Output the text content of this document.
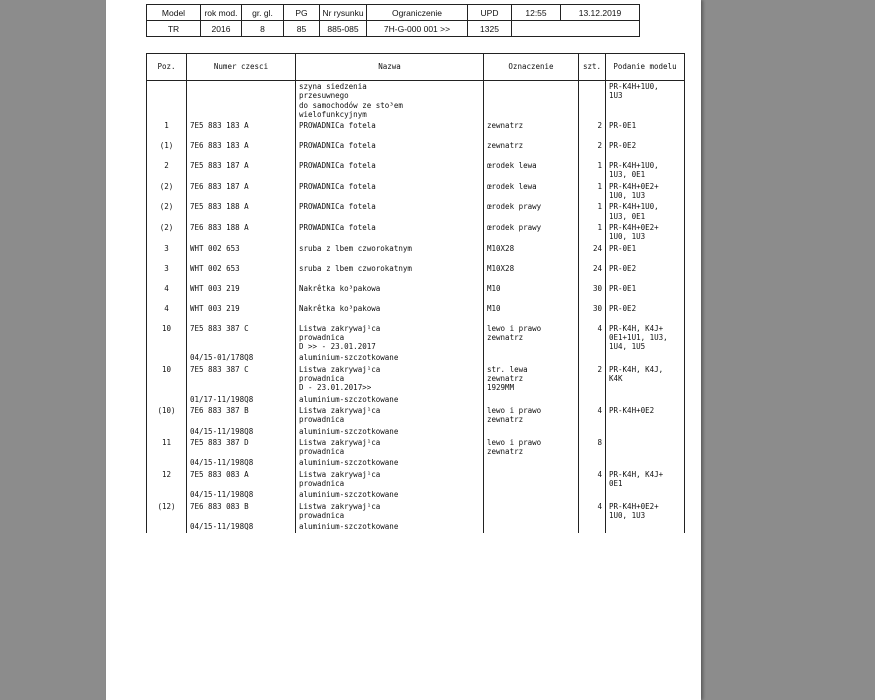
Model	rok mod.	gr. gl.	PG	Nr rysunku	Ograniczenie	UPD	12:55	13.12.2019
TR	2016	8	85	885-085	7H-G-000 001 >>	1325		
Poz.	Numer czesci	Nazwa	Oznaczenie	szt.	Podanie modelu
		szyna siedzenia
przesuwnego
do samochodów ze sto³em
wielofunkcyjnym			PR-K4H+1U0,
1U3
1	7E5 883 183 A	PROWADNICa fotela	zewnatrz	2	PR-0E1
(1)	7E6 883 183 A	PROWADNICa fotela	zewnatrz	2	PR-0E2
2	7E5 883 187 A	PROWADNICa fotela	œrodek lewa	1	PR-K4H+1U0,
1U3, 0E1
(2)	7E6 883 187 A	PROWADNICa fotela	œrodek lewa	1	PR-K4H+0E2+
1U0, 1U3
(2)	7E5 883 188 A	PROWADNICa fotela	œrodek prawy	1	PR-K4H+1U0,
1U3, 0E1
(2)	7E6 883 188 A	PROWADNICa fotela	œrodek prawy	1	PR-K4H+0E2+
1U0, 1U3
3	WHT 002 653	sruba z lbem czworokatnym	M10X28	24	PR-0E1
3	WHT 002 653	sruba z lbem czworokatnym	M10X28	24	PR-0E2
4	WHT 003 219	Nakrêtka ko³pakowa	M10	30	PR-0E1
4	WHT 003 219	Nakrêtka ko³pakowa	M10	30	PR-0E2
10	7E5 883 387 C	Listwa zakrywaj¹ca
prowadnica
D >> - 23.01.2017	lewo i prawo
zewnatrz	4	PR-K4H, K4J+
0E1+1U1, 1U3,
1U4, 1U5
	04/15-01/178Q8	aluminium-szczotkowane			
10	7E5 883 387 C	Listwa zakrywaj¹ca
prowadnica
D - 23.01.2017>>	str. lewa
zewnatrz
1929MM	2	PR-K4H, K4J,
K4K
	01/17-11/198Q8	aluminium-szczotkowane			
(10)	7E6 883 387 B	Listwa zakrywaj¹ca
prowadnica	lewo i prawo
zewnatrz	4	PR-K4H+0E2
	04/15-11/198Q8	aluminium-szczotkowane			
11	7E5 883 387 D	Listwa zakrywaj¹ca
prowadnica	lewo i prawo
zewnatrz	8	
	04/15-11/198Q8	aluminium-szczotkowane			
12	7E5 883 083 A	Listwa zakrywaj¹ca
prowadnica		4	PR-K4H, K4J+
0E1
	04/15-11/198Q8	aluminium-szczotkowane			
(12)	7E6 883 083 B	Listwa zakrywaj¹ca
prowadnica		4	PR-K4H+0E2+
1U0, 1U3
	04/15-11/198Q8	aluminium-szczotkowane			
